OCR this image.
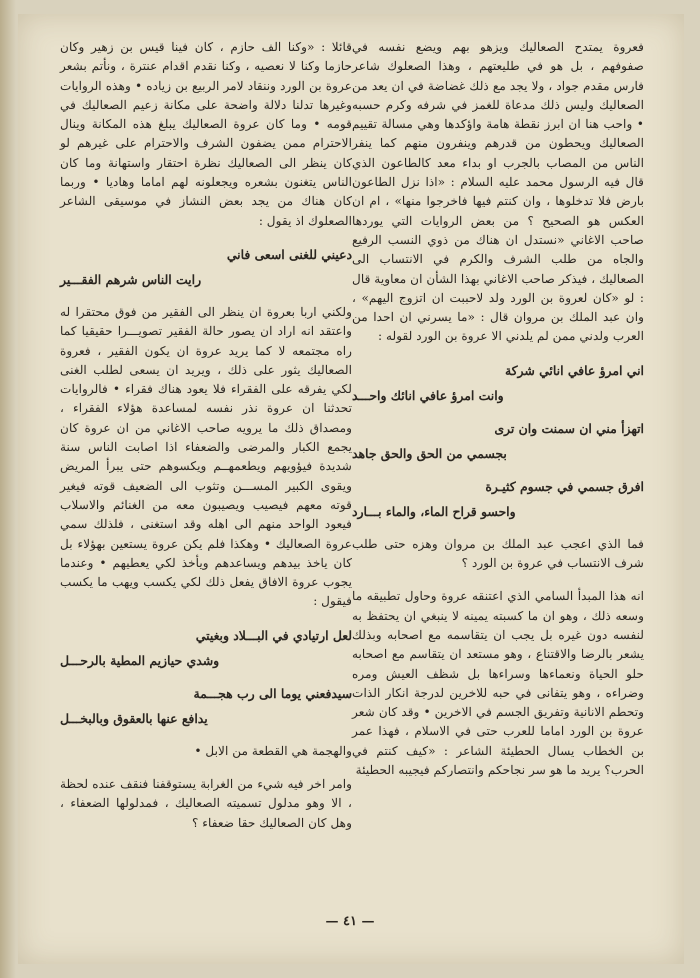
فعروة يمتدح الصعاليك ويزهو بهم ويضع نفسه في صفوفهم ، بل هو في طليعتهم ، وهذا الصعلوك شاعر فارس مقدم جواد ، ولا يجد مع ذلك غضاضة في ان يعد من الصعاليك وليس ذلك مدعاة للغمز في شرفه وكرم حسبه • واحب هنا ان ابرز نقطة هامة واؤكدها وهي مسالة تقييم الصعاليك ويحطون من قدرهم وينفرون منهم كما ينفر الناس من المصاب بالجرب او بداء معد كالطاعون الذي قال فيه الرسول محمد عليه السلام : «اذا نزل الطاعون بارض فلا تدخلوها ، وان كنتم فيها فاخرجوا منها» ، ام ان العكس هو الصحيح ؟ من بعض الروايات التي يوردها صاحب الاغاني «نستدل ان هناك من ذوي النسب الرفيع والجاه من طلب الشرف والكرم في الانتساب الى الصعاليك ، فيذكر صاحب الاغاني بهذا الشأن ان معاوية قال : لو «كان لعروة بن الورد ولد لاحببت ان اتزوج اليهم» ، وان عبد الملك بن مروان قال : «ما يسرني ان احدا من العرب ولدني ممن لم يلدني الا عروة بن الورد لقوله :

اني امرؤ عافي انائي شركة

وانت امرؤ عافي انائك واحـــد

اتهزأ مني ان سمنت وان ترى

بجسمي من الحق والحق جاهد

افرق جسمي في جسوم كثيـرة

واحسو قراح الماء، والماء بـــارد

فما الذي اعجب عبد الملك بن مروان وهزه حتى طلب شرف الانتساب في عروة بن الورد ؟

انه هذا المبدأ السامي الذي اعتنقه عروة وحاول تطبيقه ما وسعه ذلك ، وهو ان ما كسبته يمينه لا ينبغي ان يحتفظ به لنفسه دون غيره بل يجب ان يتقاسمه مع اصحابه وبذلك يشعر بالرضا والاقتناع ، وهو مستعد ان يتقاسم مع اصحابه حلو الحياة ونعماءها وسراءها بل شظف العيش ومره وضراءه ، وهو يتفانى في حبه للاخرين لدرجة انكار الذات وتحطم الانانية وتفريق الجسم في الاخرين • وقد كان شعر عروة بن الورد اماما للعرب حتى في الاسلام ، فهذا عمر بن الخطاب يسال الحطيئة الشاعر : «كيف كنتم في الحرب؟ يريد ما هو سر نجاحكم وانتصاركم فيجيبه الحطيئة

قائلا : «وكنا الف حازم ، كان فينا قيس بن زهير وكان حازما وكنا لا نعصيه ، وكنا نقدم اقدام عنترة ، ونأتم بشعر عروة بن الورد وننقاد لامر الربيع بن زياده • وهذه الروايات وغيرها تدلنا دلالة واضحة على مكانة زعيم الصعاليك في قومه • وما كان عروة الصعاليك يبلغ هذه المكانة وينال الاحترام ممن يضفون الشرف والاحترام على غيرهم لو كان ينظر الى الصعاليك نظرة احتقار واستهانة وما كان الناس يتغنون بشعره ويجعلونه لهم اماما وهاديا • وربما كان هناك من يجد بعض النشاز في موسيقى الشاعر الصعلوك اذ يقول :

دعيني للغنى اسعى فاني

رايت الناس شرهم الفقـــير

ولكني اربا بعروة ان ينظر الى الفقير من فوق محتقرا له واعتقد انه اراد ان يصور حالة الفقير تصويـــرا حقيقيا كما راه مجتمعه لا كما يريد عروة ان يكون الفقير ، فعروة الصعاليك يثور على ذلك ، ويريد ان يسعى لطلب الغنى لكي يفرقه على الفقراء فلا يعود هناك فقراء • فالروايات تحدثنا ان عروة نذر نفسه لمساعدة هؤلاء الفقراء ، ومصداق ذلك ما يرويه صاحب الاغاني من ان عروة كان يجمع الكبار والمرضى والضعفاء اذا اصابت الناس سنة شديدة فيؤويهم ويطعمهــم ويكسوهم حتى يبرأ المريض ويقوى الكبير المســـن وتثوب الى الضعيف قوته فيغير قوته معهم فيصيب ويصيبون معه من الغنائم والاسلاب فيعود الواحد منهم الى اهله وقد استغنى ، فلذلك سمي عروة الصعاليك • وهكذا فلم يكن عروة يستعين بهؤلاء بل كان ياخذ بيدهم ويساعدهم ويأخذ لكي يعطيهم • وعندما يجوب عروة الافاق يفعل ذلك لكي يكسب ويهب ما يكسب فيقول :

لعل ارتيادي في البـــلاد وبغيتي

وشدي حيازيم المطية بالرحـــل

سيدفعني يوما الى رب هجـــمة

يدافع عنها بالعقوق وبالبخـــل

والهجمة هي القطعة من الابل •

وامر اخر فيه شيء من الغرابة يستوقفنا فنقف عنده لحظة ، الا وهو مدلول تسميته الصعاليك ، فمدلولها الضعفاء ، وهل كان الصعاليك حقا ضعفاء ؟

— ٤١ —
